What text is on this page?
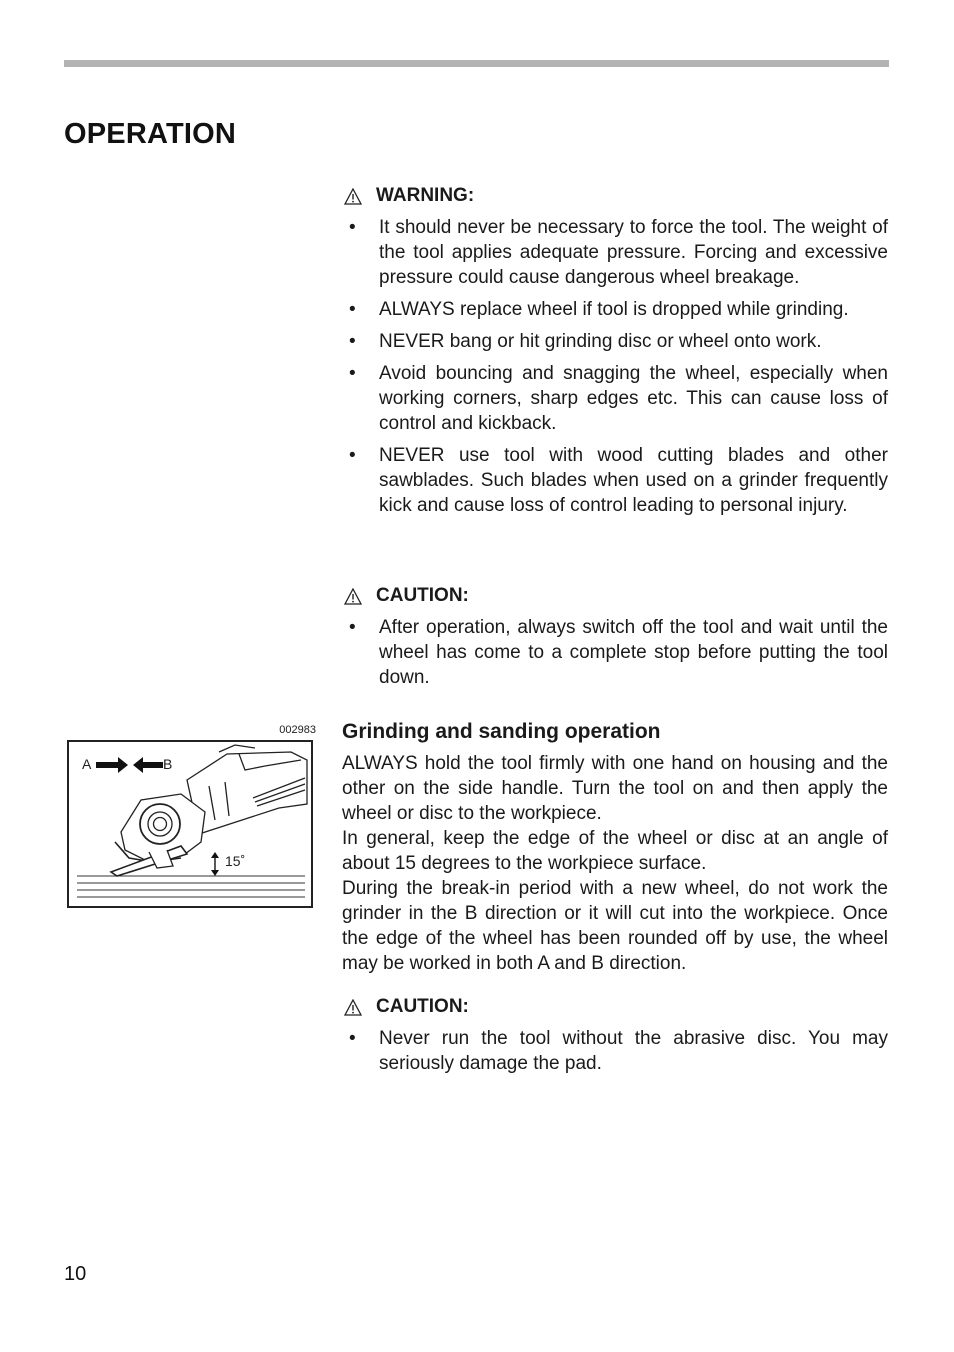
OPERATION
WARNING:
• It should never be necessary to force the tool. The weight of the tool applies adequate pressure. Forcing and excessive pressure could cause dangerous wheel breakage.
• ALWAYS replace wheel if tool is dropped while grinding.
• NEVER bang or hit grinding disc or wheel onto work.
• Avoid bouncing and snagging the wheel, especially when working corners, sharp edges etc. This can cause loss of control and kickback.
• NEVER use tool with wood cutting blades and other sawblades. Such blades when used on a grinder frequently kick and cause loss of control leading to personal injury.
CAUTION:
• After operation, always switch off the tool and wait until the wheel has come to a complete stop before putting the tool down.
002983
A	B
15˚
Grinding and sanding operation

ALWAYS hold the tool firmly with one hand on housing and the other on the side handle. Turn the tool on and then apply the wheel or disc to the workpiece.

In general, keep the edge of the wheel or disc at an angle of about 15 degrees to the workpiece surface.

During the break-in period with a new wheel, do not work the grinder in the B direction or it will cut into the workpiece. Once the edge of the wheel has been rounded off by use, the wheel may be worked in both A and B direction.

CAUTION:
• Never run the tool without the abrasive disc. You may seriously damage the pad.
10
